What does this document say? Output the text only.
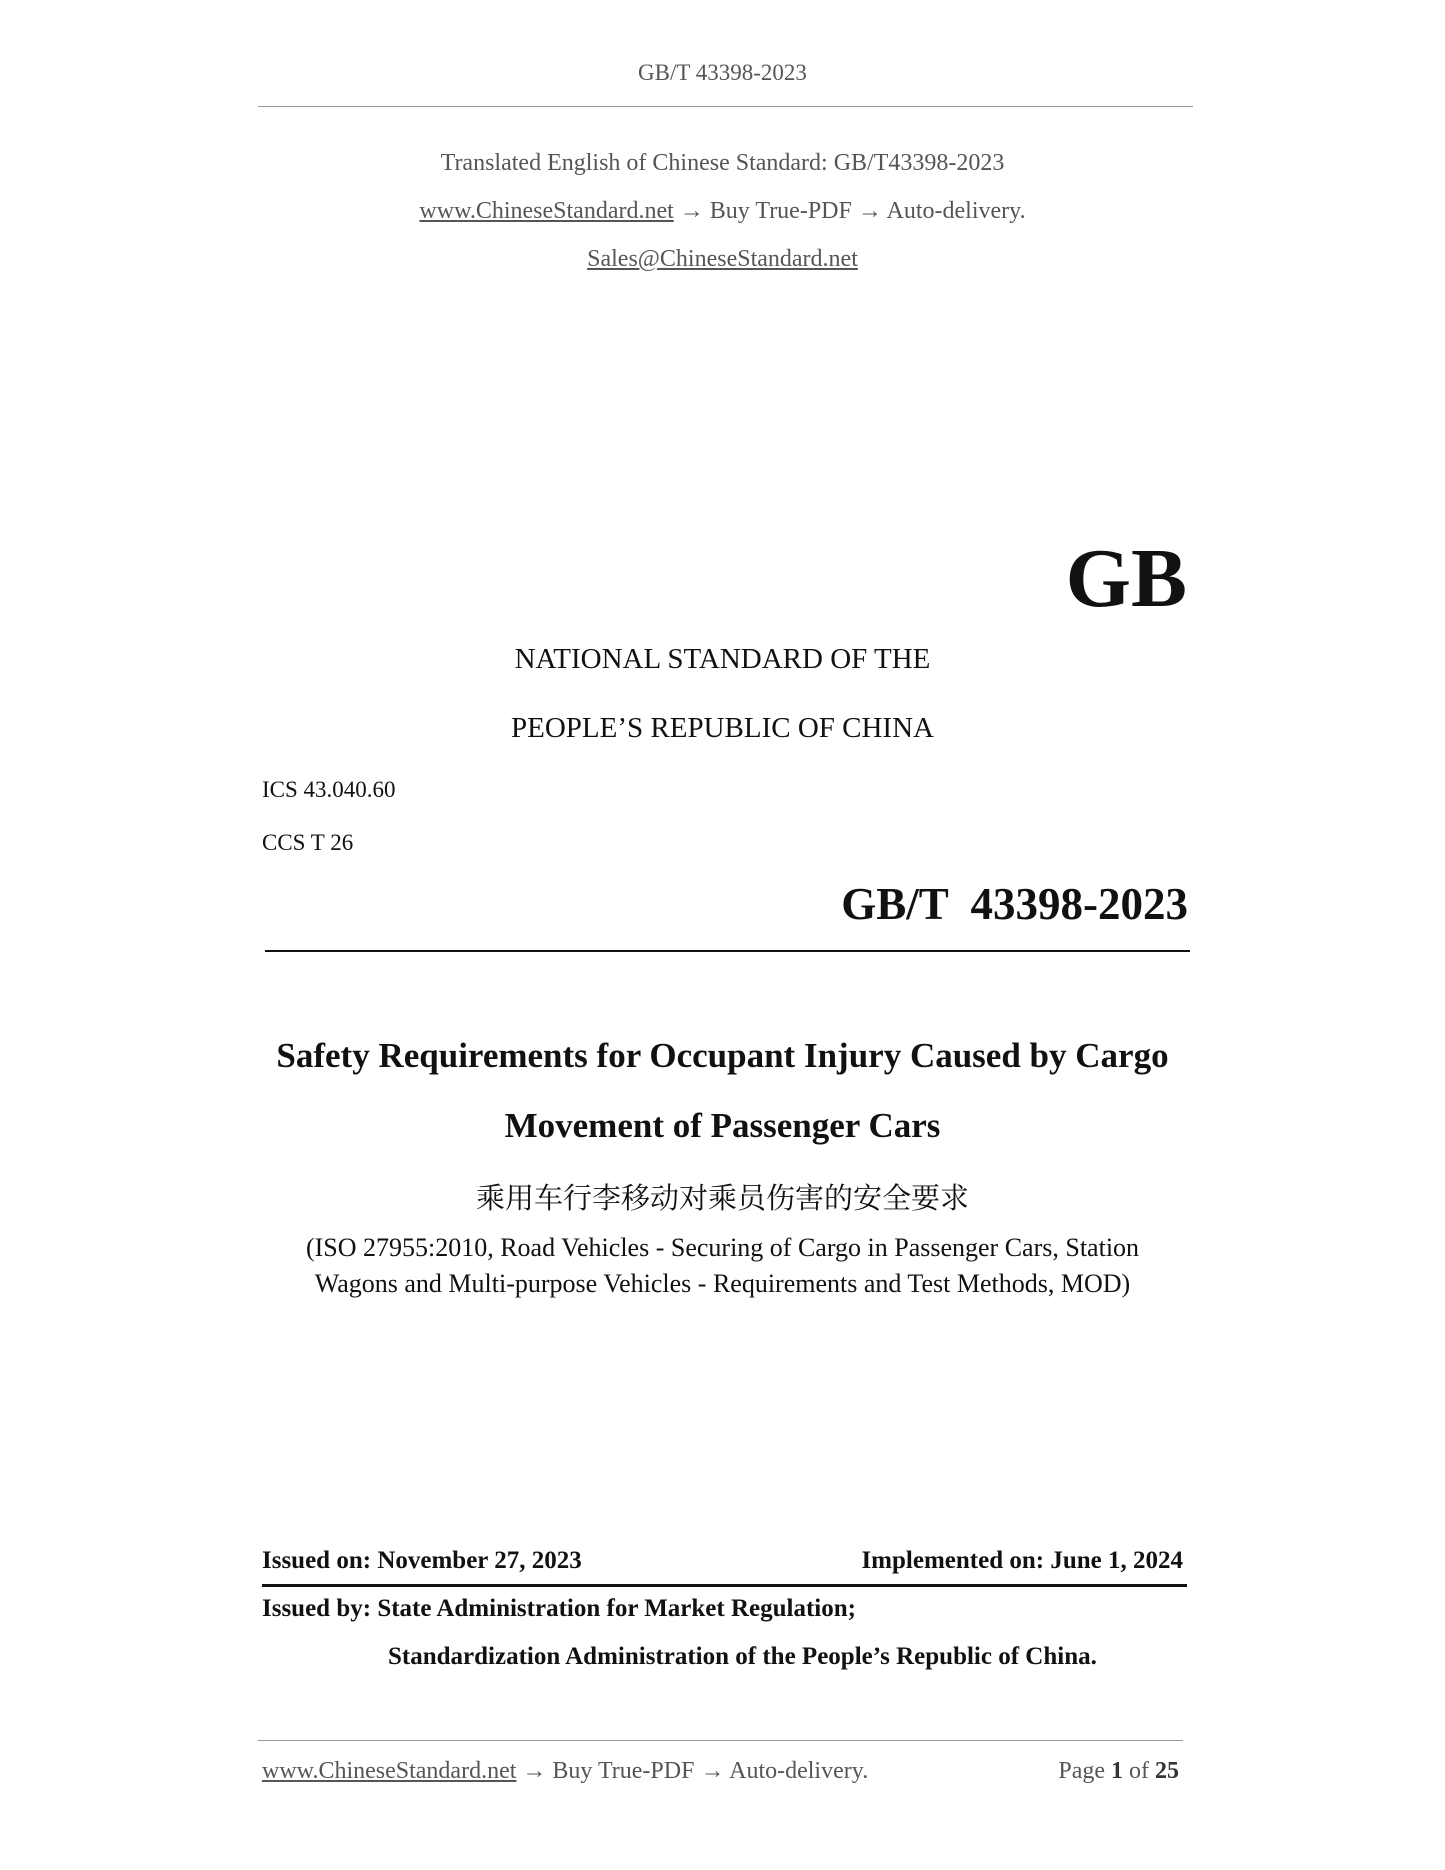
GB/T 43398-2023
Translated English of Chinese Standard: GB/T43398-2023
www.ChineseStandard.net → Buy True-PDF → Auto-delivery.
Sales@ChineseStandard.net
GB
NATIONAL STANDARD OF THE
PEOPLE’S REPUBLIC OF CHINA
ICS 43.040.60
CCS T 26
GB/T  43398-2023
Safety Requirements for Occupant Injury Caused by Cargo
Movement of Passenger Cars
乘用车行李移动对乘员伤害的安全要求
(ISO 27955:2010, Road Vehicles - Securing of Cargo in Passenger Cars, Station
Wagons and Multi-purpose Vehicles - Requirements and Test Methods, MOD)
Issued on: November 27, 2023	Implemented on: June 1, 2024
Issued by: State Administration for Market Regulation;
Standardization Administration of the People’s Republic of China.
www.ChineseStandard.net → Buy True-PDF → Auto-delivery.	Page 1 of 25
